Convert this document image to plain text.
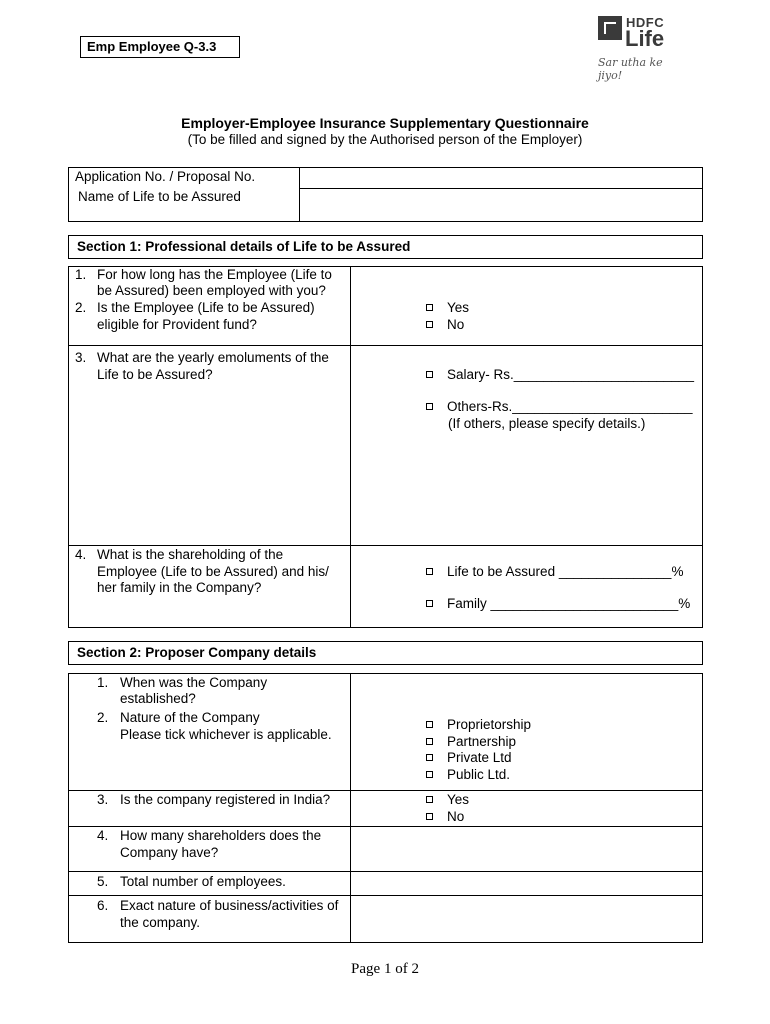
Emp Employee Q-3.3
HDFC
Life
Sar utha ke jiyo!
Employer-Employee Insurance Supplementary Questionnaire
(To be filled and signed by the Authorised person of the Employer)
Application No. / Proposal No.
Name of Life to be Assured
Section 1: Professional details of Life to be Assured
1. For how long has the Employee (Life to
be Assured) been employed with you?
2. Is the Employee (Life to be Assured)
eligible for Provident fund?
Yes
No
3. What are the yearly emoluments of the
Life to be Assured?	Salary- Rs.________________________
Others-Rs.________________________
(If others, please specify details.)
4. What is the shareholding of the
Employee (Life to be Assured) and his/
her family in the Company?
Life to be Assured _______________%
Family _________________________%
Section 2: Proposer Company details
1. When was the Company
established?
2. Nature of the Company
Please tick whichever is applicable.
Proprietorship
Partnership
Private Ltd
Public Ltd.
3. Is the company registered in India?	Yes
No
4. How many shareholders does the
Company have?
5. Total number of employees.
6. Exact nature of business/activities of
the company.
Page 1 of 2
